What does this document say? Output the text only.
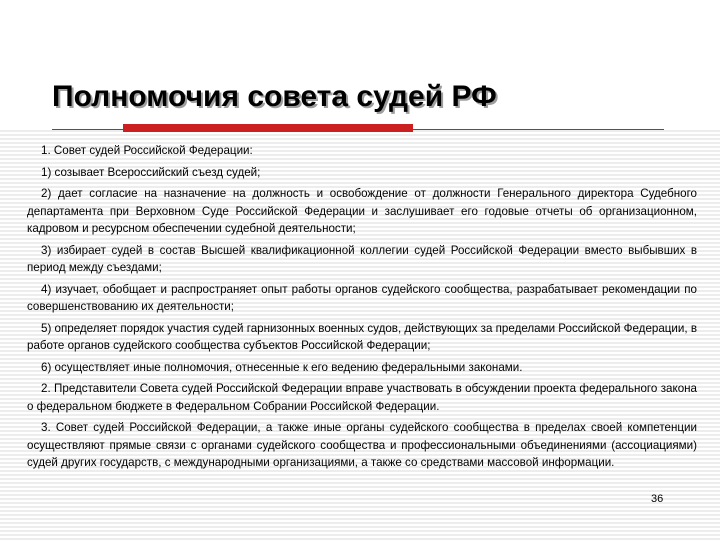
Полномочия совета судей РФ

1. Совет судей Российской Федерации:

1) созывает Всероссийский съезд судей;

2) дает согласие на назначение на должность и освобождение от должности Генерального директора Судебного департамента при Верховном Суде Российской Федерации и заслушивает его годовые отчеты об организационном, кадровом и ресурсном обеспечении судебной деятельности;

3) избирает судей в состав Высшей квалификационной коллегии судей Российской Федерации вместо выбывших в период между съездами;

4) изучает, обобщает и распространяет опыт работы органов судейского сообщества, разрабатывает рекомендации по совершенствованию их деятельности;

5) определяет порядок участия судей гарнизонных военных судов, действующих за пределами Российской Федерации, в работе органов судейского сообщества субъектов Российской Федерации;

6) осуществляет иные полномочия, отнесенные к его ведению федеральными законами.

2. Представители Совета судей Российской Федерации вправе участвовать в обсуждении проекта федерального закона о федеральном бюджете в Федеральном Собрании Российской Федерации.

3. Совет судей Российской Федерации, а также иные органы судейского сообщества в пределах своей компетенции осуществляют прямые связи с органами судейского сообщества и профессиональными объединениями (ассоциациями) судей других государств, с международными организациями, а также со средствами массовой информации.

36
